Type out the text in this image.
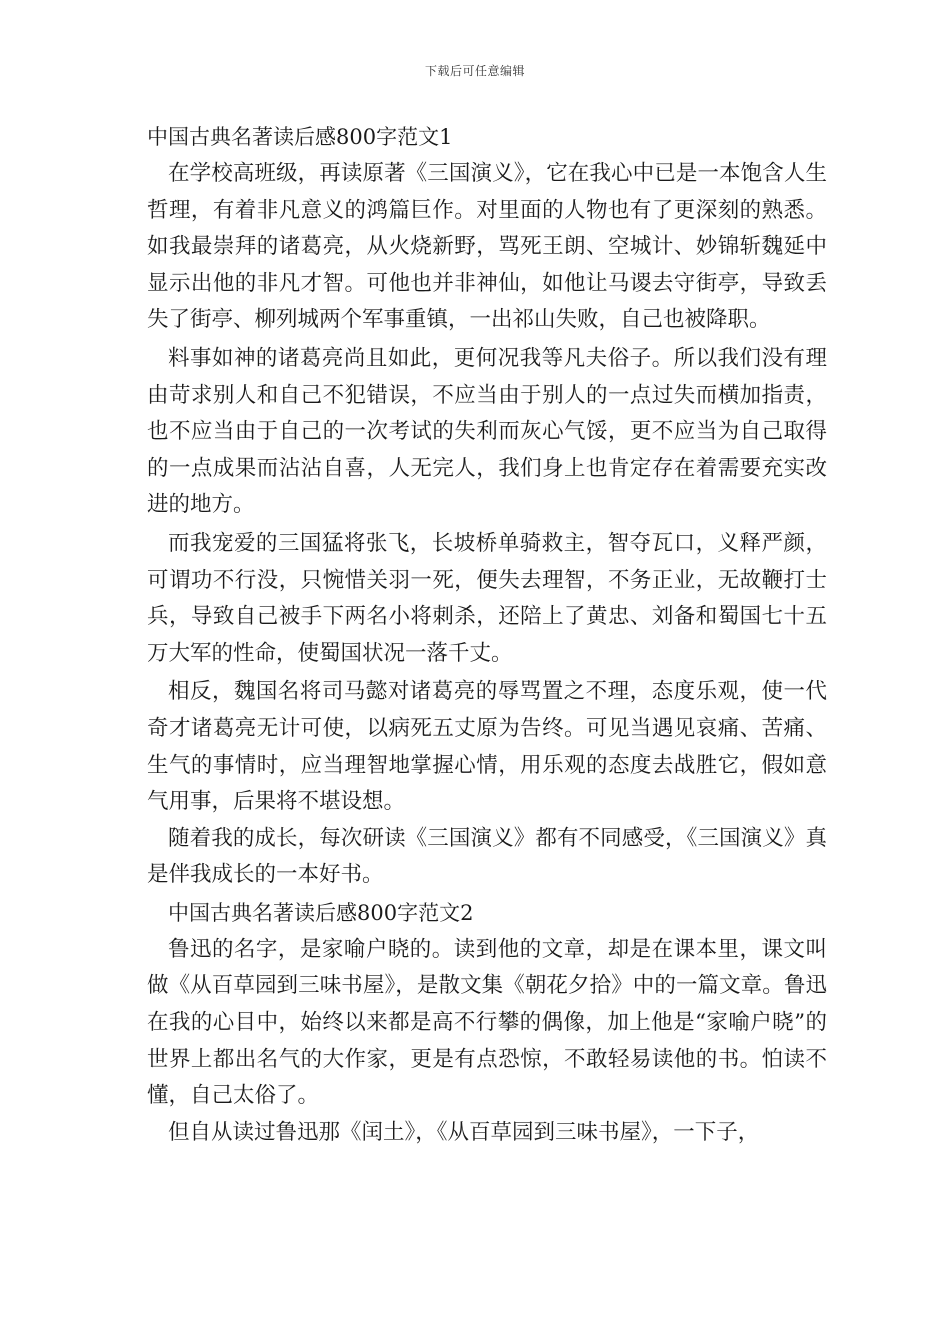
下载后可任意编辑
中国古典名著读后感800字范文1

在学校高班级，再读原著《三国演义》，它在我心中已是一本饱含人生哲理，有着非凡意义的鸿篇巨作。对里面的人物也有了更深刻的熟悉。如我最崇拜的诸葛亮，从火烧新野，骂死王朗、空城计、妙锦斩魏延中显示出他的非凡才智。可他也并非神仙，如他让马谡去守街亭，导致丢失了街亭、柳列城两个军事重镇，一出祁山失败，自己也被降职。

料事如神的诸葛亮尚且如此，更何况我等凡夫俗子。所以我们没有理由苛求别人和自己不犯错误，不应当由于别人的一点过失而横加指责，也不应当由于自己的一次考试的失利而灰心气馁，更不应当为自己取得的一点成果而沾沾自喜，人无完人，我们身上也肯定存在着需要充实改进的地方。

而我宠爱的三国猛将张飞，长坡桥单骑救主，智夺瓦口，义释严颜，可谓功不行没，只惋惜关羽一死，便失去理智，不务正业，无故鞭打士兵，导致自己被手下两名小将刺杀，还陪上了黄忠、刘备和蜀国七十五万大军的性命，使蜀国状况一落千丈。

相反，魏国名将司马懿对诸葛亮的辱骂置之不理，态度乐观，使一代奇才诸葛亮无计可使，以病死五丈原为告终。可见当遇见哀痛、苦痛、生气的事情时，应当理智地掌握心情，用乐观的态度去战胜它，假如意气用事，后果将不堪设想。

随着我的成长，每次研读《三国演义》都有不同感受，《三国演义》真是伴我成长的一本好书。

中国古典名著读后感800字范文2

鲁迅的名字，是家喻户晓的。读到他的文章，却是在课本里，课文叫做《从百草园到三味书屋》，是散文集《朝花夕拾》中的一篇文章。鲁迅在我的心目中，始终以来都是高不行攀的偶像，加上他是“家喻户晓”的世界上都出名气的大作家，更是有点恐惊，不敢轻易读他的书。怕读不懂，自己太俗了。

但自从读过鲁迅那《闰土》，《从百草园到三味书屋》，一下子，
